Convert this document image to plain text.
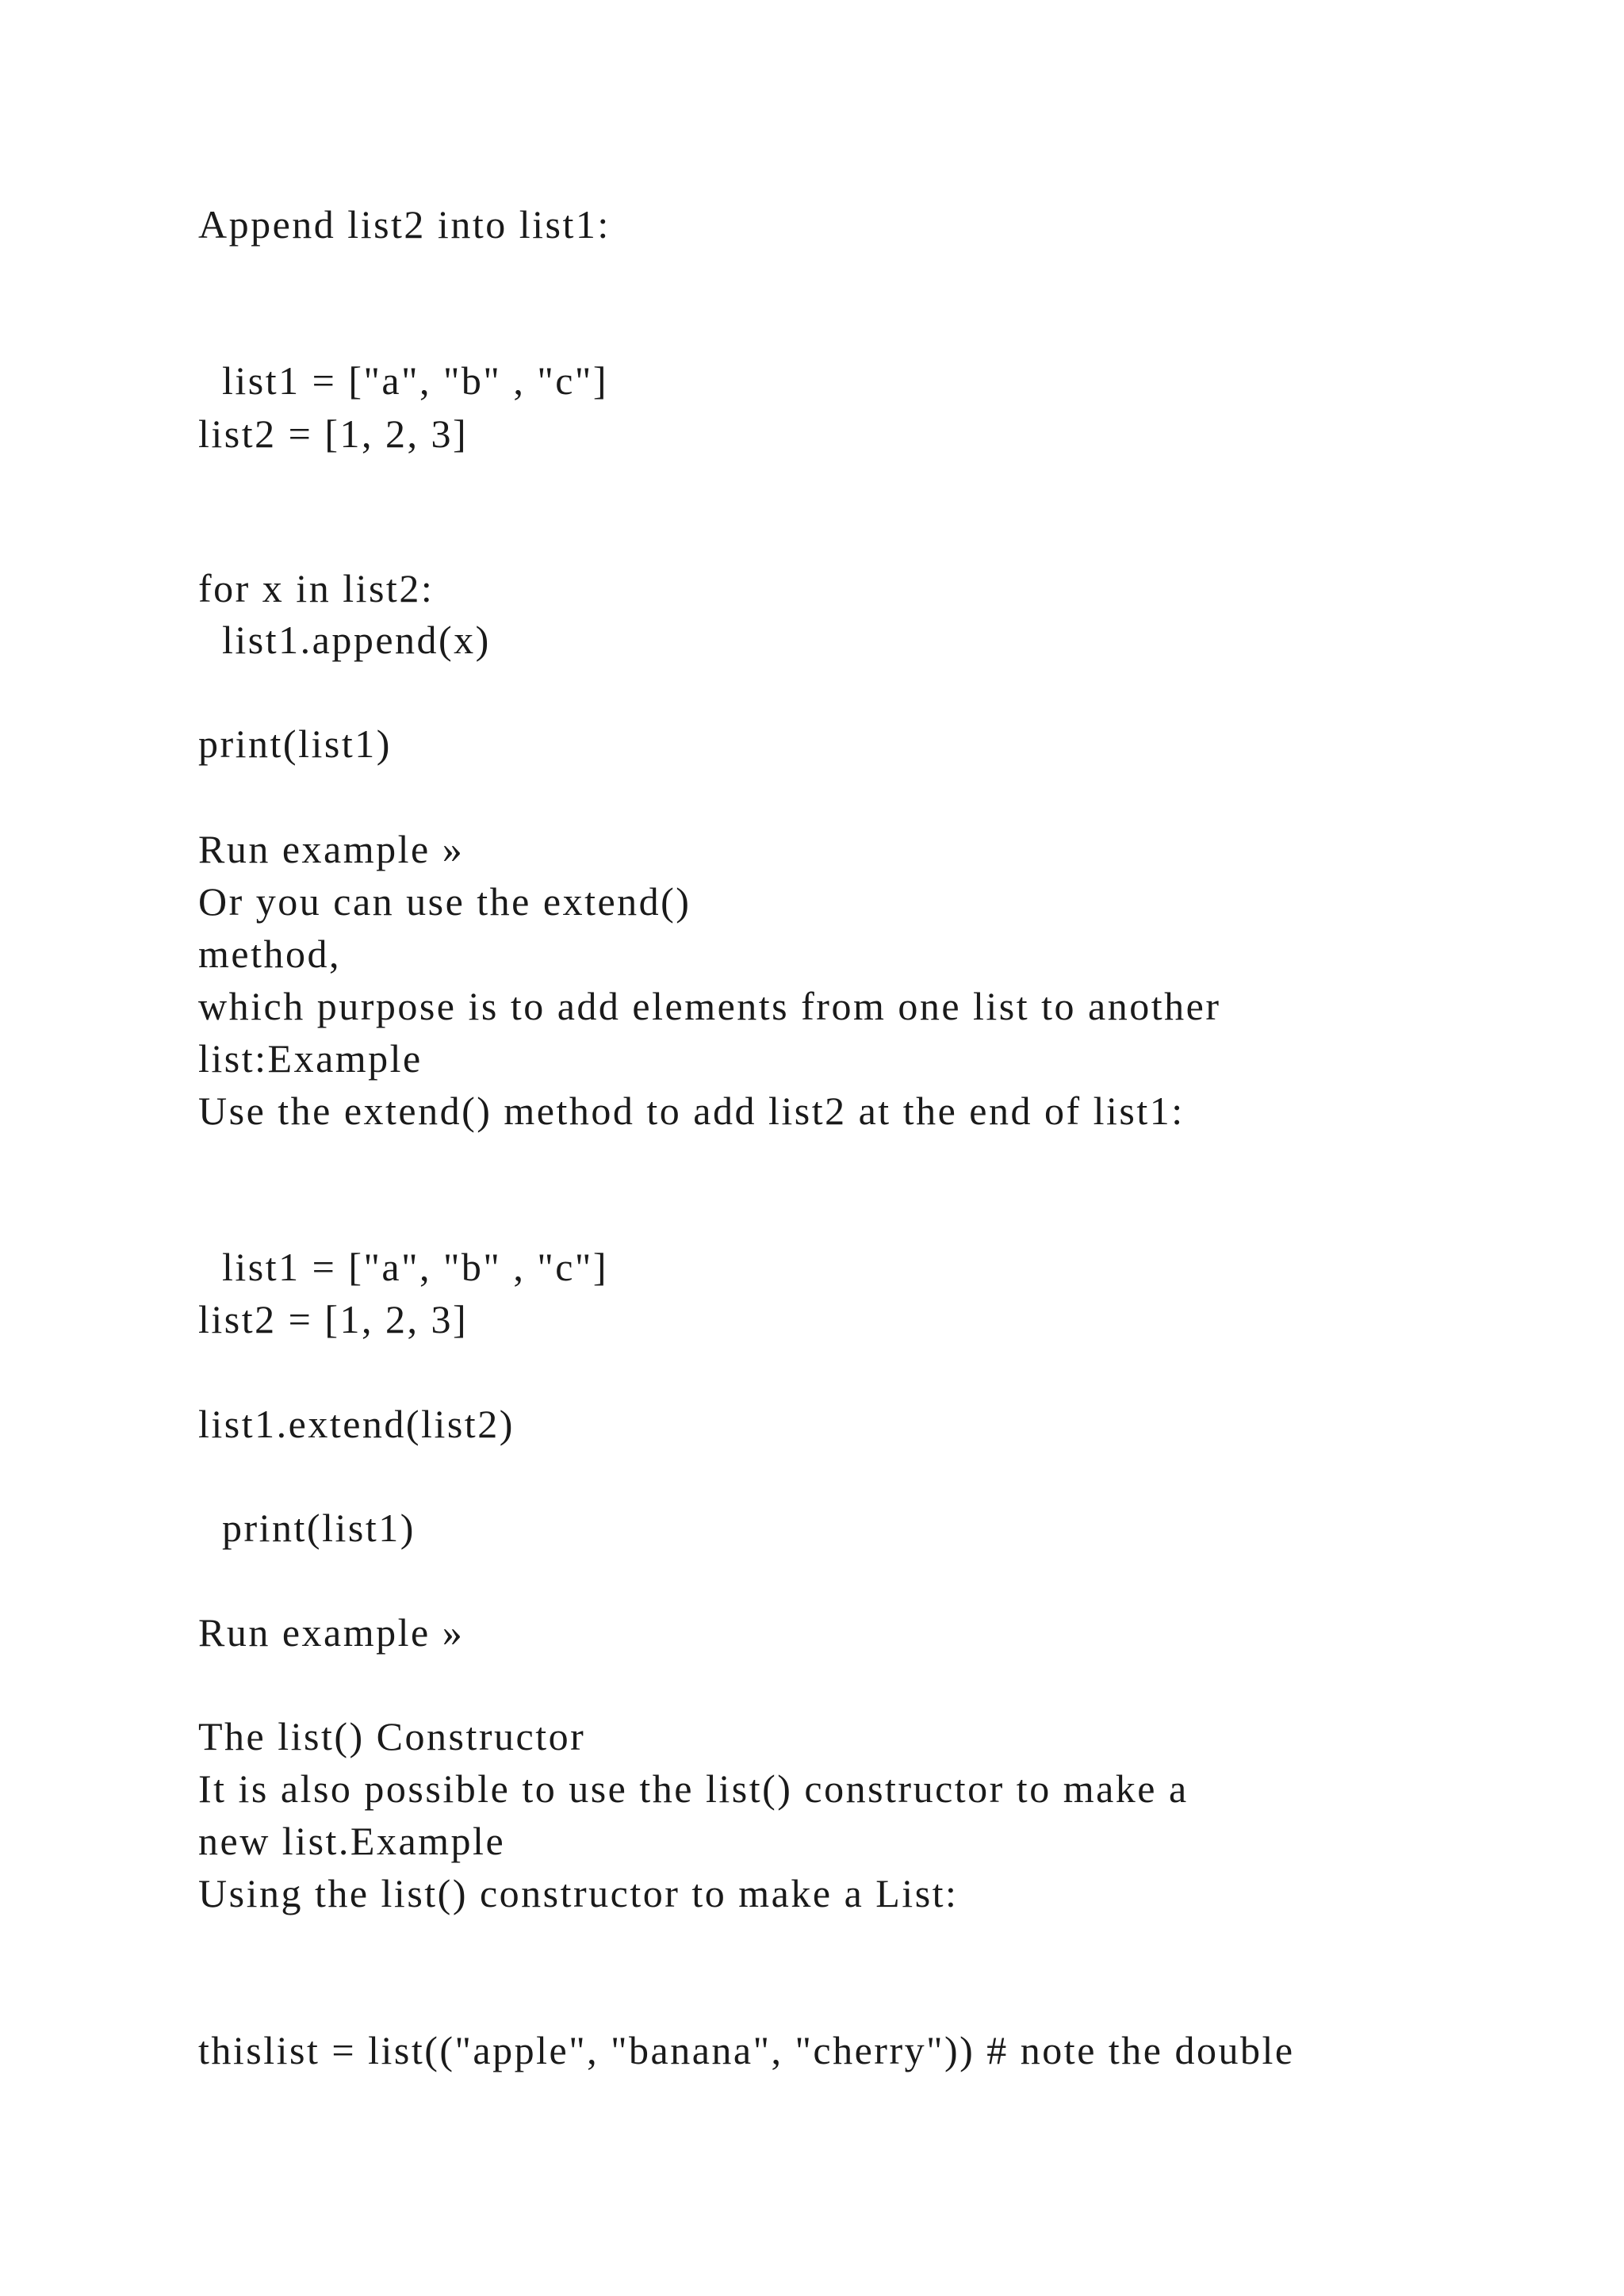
Append list2 into list1:
list1 = ["a", "b" , "c"]
list2 = [1, 2, 3]
for x in list2:
list1.append(x)
print(list1)
Run example »
Or you can use the extend()
method,
which purpose is to add elements from one list to another
list:Example
Use the extend() method to add list2 at the end of list1:
list1 = ["a", "b" , "c"]
list2 = [1, 2, 3]
list1.extend(list2)
print(list1)
Run example »
The list() Constructor
It is also possible to use the list() constructor to make a
new list.Example
Using the list() constructor to make a List:
thislist = list(("apple", "banana", "cherry")) # note the double
